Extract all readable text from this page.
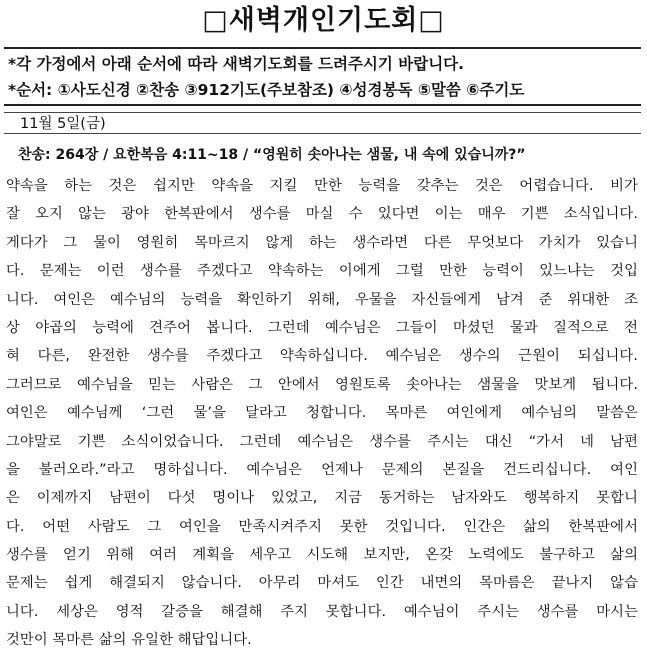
□새벽개인기도회□
*각 가정에서 아래 순서에 따라 새벽기도회를 드려주시기 바랍니다.
*순서: ①사도신경 ②찬송 ③912기도(주보참조) ④성경봉독 ⑤말씀 ⑥주기도
11월 5일(금)
찬송: 264장 / 요한복음 4:11~18 / “영원히 솟아나는 샘물, 내 속에 있습니까?”
약속을 하는 것은 쉽지만 약속을 지킬 만한 능력을 갖추는 것은 어렵습니다. 비가
잘 오지 않는 광야 한복판에서 생수를 마실 수 있다면 이는 매우 기쁜 소식입니다.
게다가 그 물이 영원히 목마르지 않게 하는 생수라면 다른 무엇보다 가치가 있습니
다. 문제는 이런 생수를 주겠다고 약속하는 이에게 그럴 만한 능력이 있느냐는 것입
니다. 여인은 예수님의 능력을 확인하기 위해, 우물을 자신들에게 남겨 준 위대한 조
상 야곱의 능력에 견주어 봅니다. 그런데 예수님은 그들이 마셨던 물과 질적으로 전
혀 다른, 완전한 생수를 주겠다고 약속하십니다. 예수님은 생수의 근원이 되십니다.
그러므로 예수님을 믿는 사람은 그 안에서 영원토록 솟아나는 샘물을 맛보게 됩니다.
여인은 예수님께 ‘그런 물’을 달라고 청합니다. 목마른 여인에게 예수님의 말씀은
그야말로 기쁜 소식이었습니다. 그런데 예수님은 생수를 주시는 대신 “가서 네 남편
을 불러오라.”라고 명하십니다. 예수님은 언제나 문제의 본질을 건드리십니다. 여인
은 이제까지 남편이 다섯 명이나 있었고, 지금 동거하는 남자와도 행복하지 못합니
다. 어떤 사람도 그 여인을 만족시켜주지 못한 것입니다. 인간은 삶의 한복판에서
생수를 얻기 위해 여러 계획을 세우고 시도해 보지만, 온갖 노력에도 불구하고 삶의
문제는 쉽게 해결되지 않습니다. 아무리 마셔도 인간 내면의 목마름은 끝나지 않습
니다. 세상은 영적 갈증을 해결해 주지 못합니다. 예수님이 주시는 생수를 마시는
것만이 목마른 삶의 유일한 해답입니다.
